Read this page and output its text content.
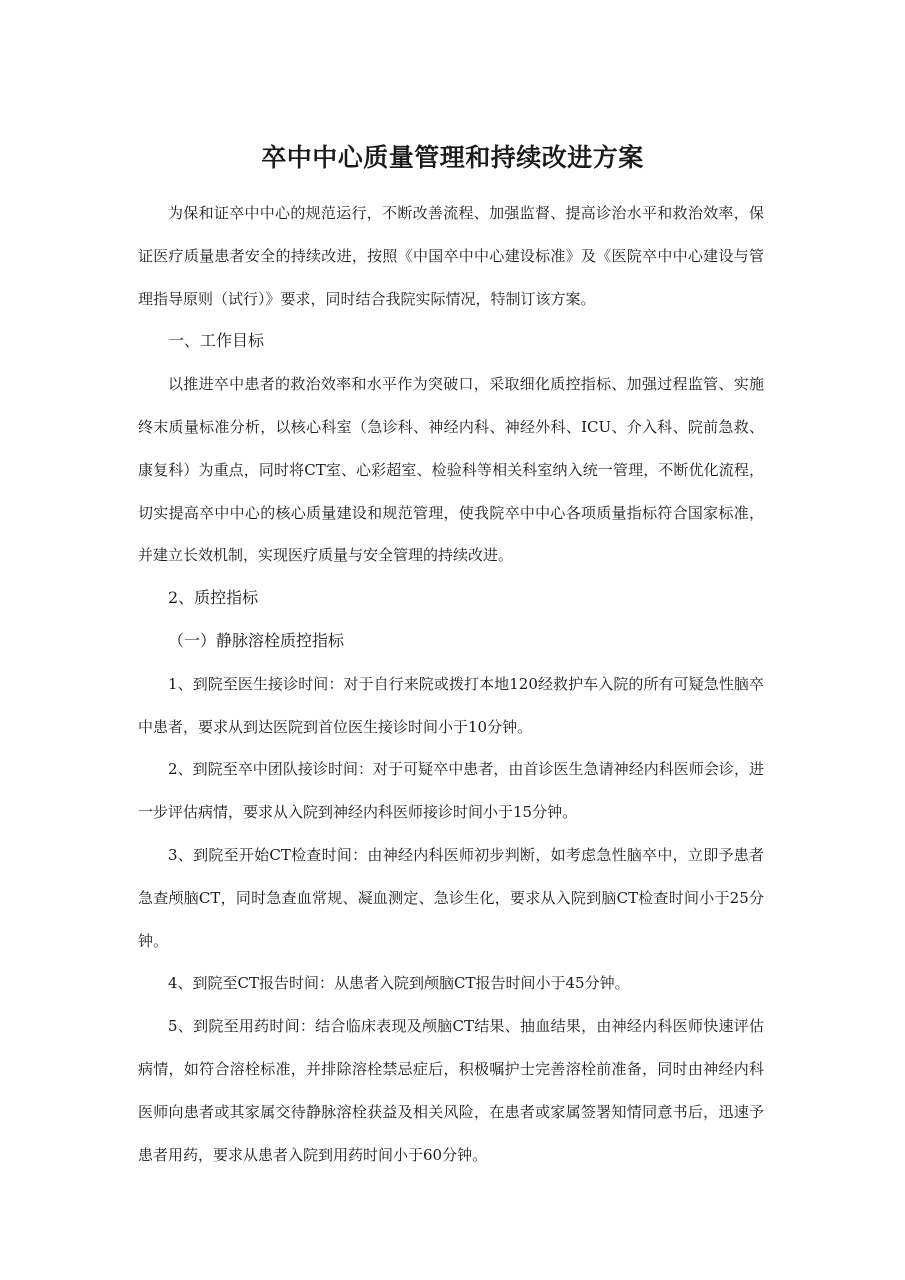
卒中中心质量管理和持续改进方案

为保和证卒中中心的规范运行，不断改善流程、加强监督、提高诊治水平和救治效率，保证医疗质量患者安全的持续改进，按照《中国卒中中心建设标准》及《医院卒中中心建设与管理指导原则（试行）》要求，同时结合我院实际情况，特制订该方案。

一、工作目标

以推进卒中患者的救治效率和水平作为突破口，采取细化质控指标、加强过程监管、实施终末质量标准分析，以核心科室（急诊科、神经内科、神经外科、ICU、介入科、院前急救、康复科）为重点，同时将CT室、心彩超室、检验科等相关科室纳入统一管理，不断优化流程，切实提高卒中中心的核心质量建设和规范管理，使我院卒中中心各项质量指标符合国家标准，并建立长效机制，实现医疗质量与安全管理的持续改进。

2、质控指标

（一）静脉溶栓质控指标

1、到院至医生接诊时间：对于自行来院或拨打本地120经救护车入院的所有可疑急性脑卒中患者，要求从到达医院到首位医生接诊时间小于10分钟。

2、到院至卒中团队接诊时间：对于可疑卒中患者，由首诊医生急请神经内科医师会诊，进一步评估病情，要求从入院到神经内科医师接诊时间小于15分钟。

3、到院至开始CT检查时间：由神经内科医师初步判断，如考虑急性脑卒中，立即予患者急查颅脑CT，同时急查血常规、凝血测定、急诊生化，要求从入院到脑CT检查时间小于25分钟。

4、到院至CT报告时间：从患者入院到颅脑CT报告时间小于45分钟。

5、到院至用药时间：结合临床表现及颅脑CT结果、抽血结果，由神经内科医师快速评估病情，如符合溶栓标准，并排除溶栓禁忌症后，积极嘱护士完善溶栓前准备，同时由神经内科医师向患者或其家属交待静脉溶栓获益及相关风险，在患者或家属签署知情同意书后，迅速予患者用药，要求从患者入院到用药时间小于60分钟。
